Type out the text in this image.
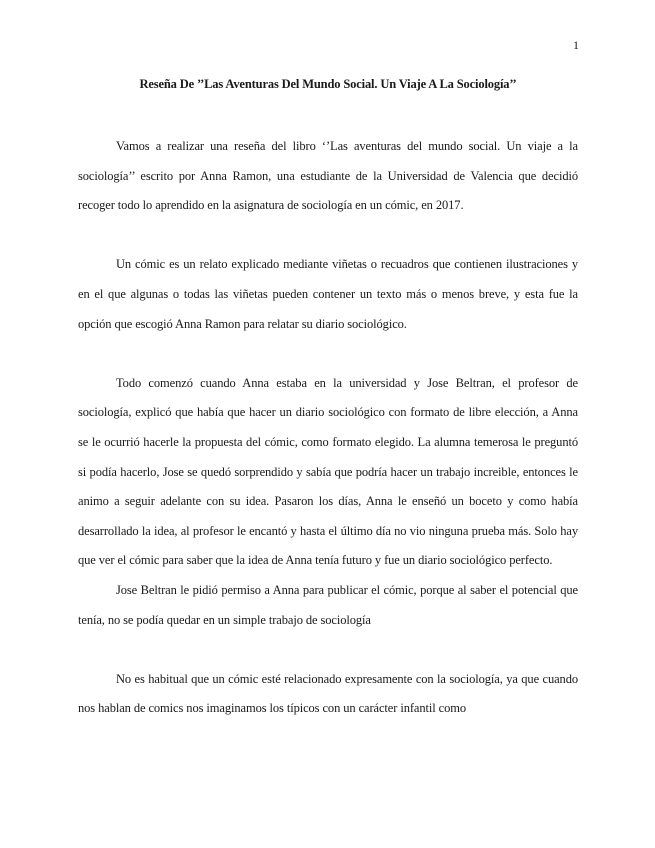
1
Reseña De ’’Las Aventuras Del Mundo Social. Un Viaje A La Sociología’’

Vamos a realizar una reseña del libro ‘’Las aventuras del mundo social. Un viaje a la sociología’’ escrito por Anna Ramon, una estudiante de la Universidad de Valencia que decidió recoger todo lo aprendido en la asignatura de sociología en un cómic, en 2017.

Un cómic es un relato explicado mediante viñetas o recuadros que contienen ilustraciones y en el que algunas o todas las viñetas pueden contener un texto más o menos breve, y esta fue la opción que escogió Anna Ramon para relatar su diario sociológico.

Todo comenzó cuando Anna estaba en la universidad y Jose Beltran, el profesor de sociología, explicó que había que hacer un diario sociológico con formato de libre elección, a Anna se le ocurrió hacerle la propuesta del cómic, como formato elegido. La alumna temerosa le preguntó si podía hacerlo, Jose se quedó sorprendido y sabía que podría hacer un trabajo increible, entonces le animo a seguir adelante con su idea. Pasaron los días, Anna le enseñó un boceto y como había desarrollado la idea, al profesor le encantó y hasta el último día no vio ninguna prueba más. Solo hay que ver el cómic para saber que la idea de Anna tenía futuro y fue un diario sociológico perfecto.

Jose Beltran le pidió permiso a Anna para publicar el cómic, porque al saber el potencial que tenía, no se podía quedar en un simple trabajo de sociología

No es habitual que un cómic esté relacionado expresamente con la sociología, ya que cuando nos hablan de comics nos imaginamos los típicos con un carácter infantil como
